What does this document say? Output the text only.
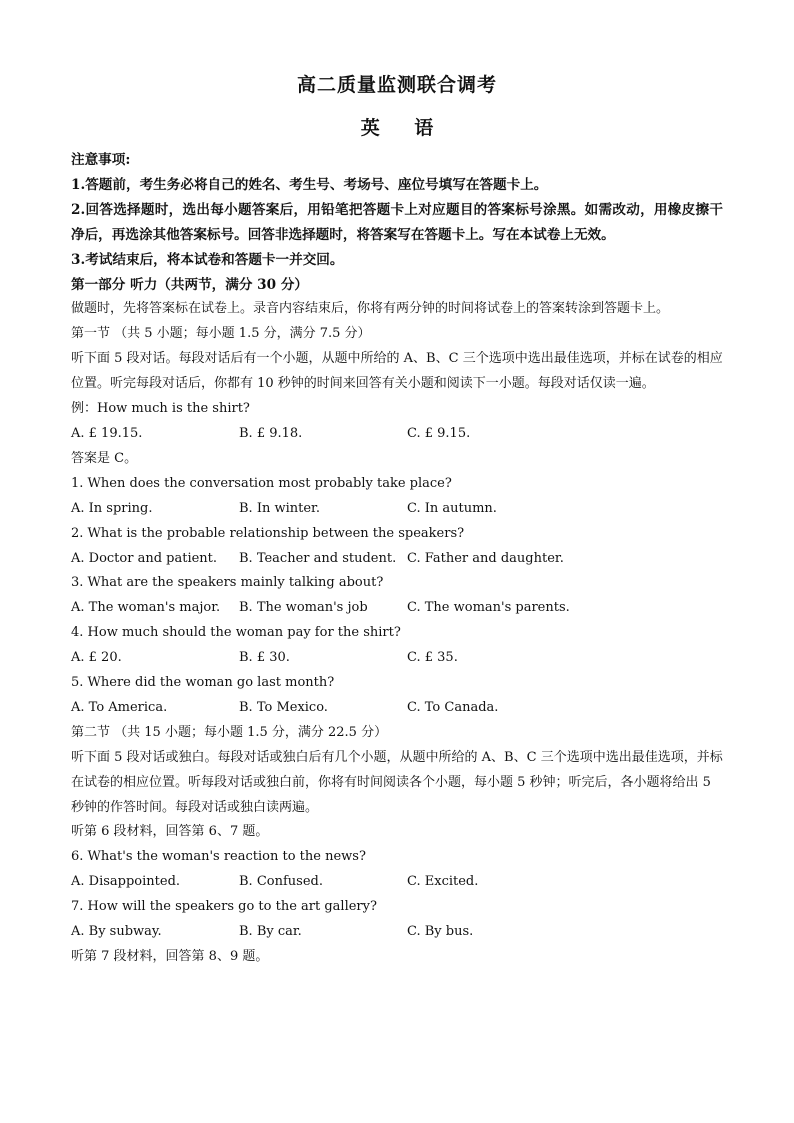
高二质量监测联合调考
英 语
注意事项:
1.答题前，考生务必将自己的姓名、考生号、考场号、座位号填写在答题卡上。
2.回答选择题时，选出每小题答案后，用铅笔把答题卡上对应题目的答案标号涂黑。如需改动，用橡皮擦干净后，再选涂其他答案标号。回答非选择题时，将答案写在答题卡上。写在本试卷上无效。
3.考试结束后，将本试卷和答题卡一并交回。
第一部分 听力（共两节，满分 30 分）
做题时，先将答案标在试卷上。录音内容结束后，你将有两分钟的时间将试卷上的答案转涂到答题卡上。
第一节 （共 5 小题；每小题 1.5 分，满分 7.5 分）
听下面 5 段对话。每段对话后有一个小题，从题中所给的 A、B、C 三个选项中选出最佳选项，并标在试卷的相应位置。听完每段对话后，你都有 10 秒钟的时间来回答有关小题和阅读下一小题。每段对话仅读一遍。
例：How much is the shirt?
A. £ 19.15.	B. £ 9.18.	C. £ 9.15.
答案是 C。
1. When does the conversation most probably take place?
A. In spring.	B. In winter.	C. In autumn.
2. What is the probable relationship between the speakers?
A. Doctor and patient.	B. Teacher and student. C. Father and daughter.
3. What are the speakers mainly talking about?
A. The woman's major.	B. The woman's job	C. The woman's parents.
4. How much should the woman pay for the shirt?
A. £ 20.	B. £ 30.	C. £ 35.
5. Where did the woman go last month?
A. To America.	B. To Mexico.	C. To Canada.
第二节 （共 15 小题；每小题 1.5 分，满分 22.5 分）
听下面 5 段对话或独白。每段对话或独白后有几个小题，从题中所给的 A、B、C 三个选项中选出最佳选项，并标在试卷的相应位置。听每段对话或独白前，你将有时间阅读各个小题，每小题 5 秒钟；听完后，各小题将给出 5 秒钟的作答时间。每段对话或独白读两遍。
听第 6 段材料，回答第 6、7 题。
6. What's the woman's reaction to the news?
A. Disappointed.	B. Confused.	C. Excited.
7. How will the speakers go to the art gallery?
A. By subway.	B. By car.	C. By bus.
听第 7 段材料，回答第 8、9 题。
